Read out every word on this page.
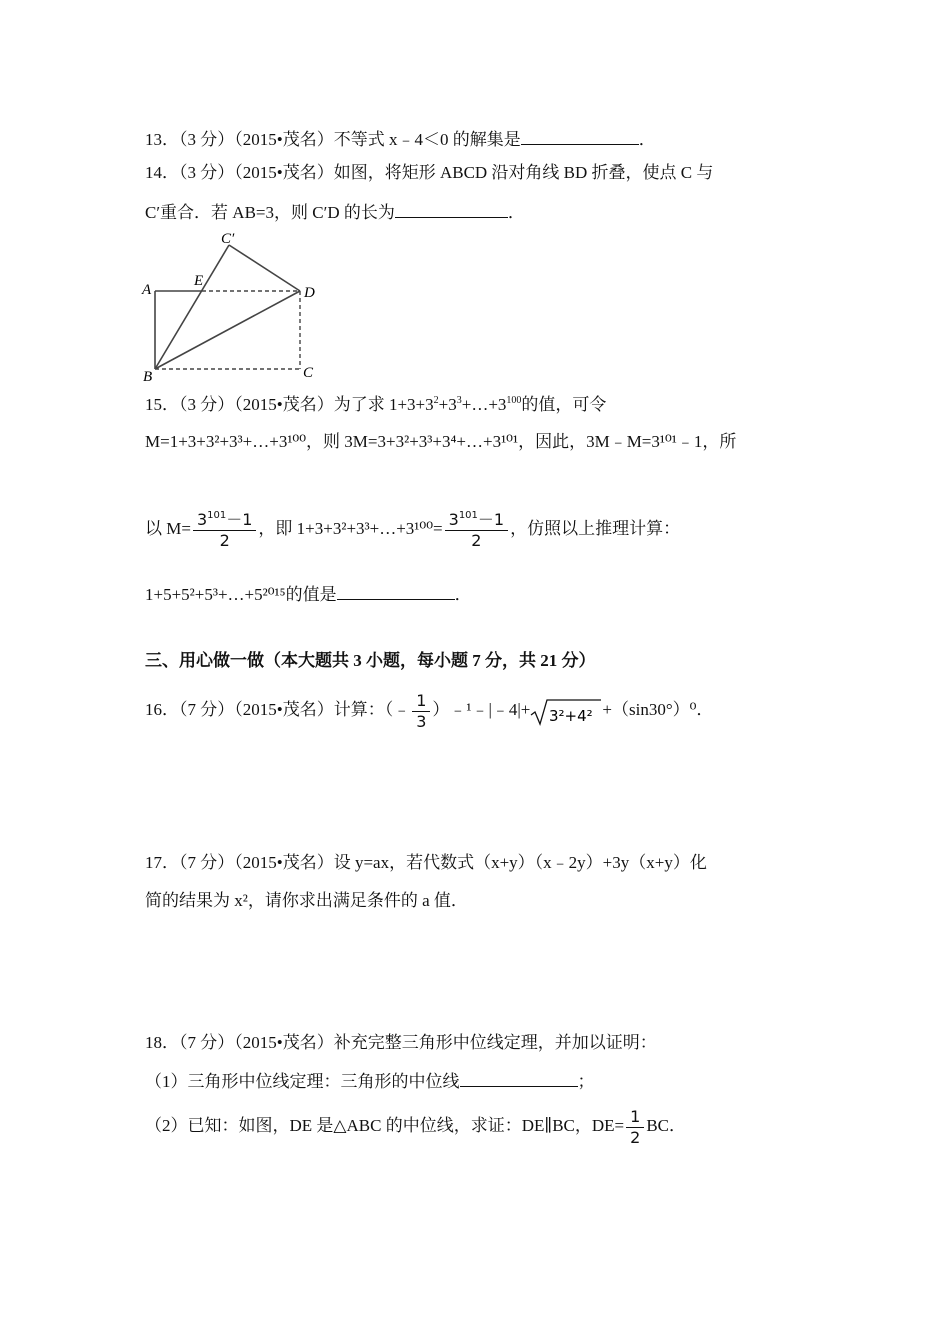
13．（3 分）（2015•茂名）不等式 x﹣4＜0 的解集是	．
14．（3 分）（2015•茂名）如图，将矩形 ABCD 沿对角线 BD 折叠，使点 C 与
C′重合．若 AB=3，则 C′D 的长为	．
A
B	C
D
E
C′
15．（3 分）（2015•茂名）为了求 $1+3+3^2+3^3+\dots+3^{100}$的值，可令
M=1+3+3²+3³+…+3¹⁰⁰，则 3M=3+3²+3³+3⁴+…+3¹⁰¹，因此，3M﹣M=3¹⁰¹﹣1，所
以 $M= \frac{3^{101}-1}{2}$ ，即 1+3+3²+3³+…+3¹⁰⁰= $\frac{3^{101}-1}{2}$ ，仿照以上推理计算：
1+5+5²+5³+…+5²⁰¹⁵的值是	．
三、用心做一做（本大题共 3 小题，每小题 7 分，共 21 分）
16．（7 分）（2015•茂名）计算：（﹣ $\frac{1}{3}$ ）﹣¹﹣|﹣4|+ 3²+4² +（sin30°）⁰．
17．（7 分）（2015•茂名）设 y=ax，若代数式（x+y）（x﹣2y）+3y（x+y）化
简的结果为 x²，请你求出满足条件的 a 值．
18．（7 分）（2015•茂名）补充完整三角形中位线定理，并加以证明：
（1）三角形中位线定理：三角形的中位线	；
（2）已知：如图，DE 是△ABC 的中位线，求证：DE∥BC，$DE= \frac{1}{2}$ BC．
